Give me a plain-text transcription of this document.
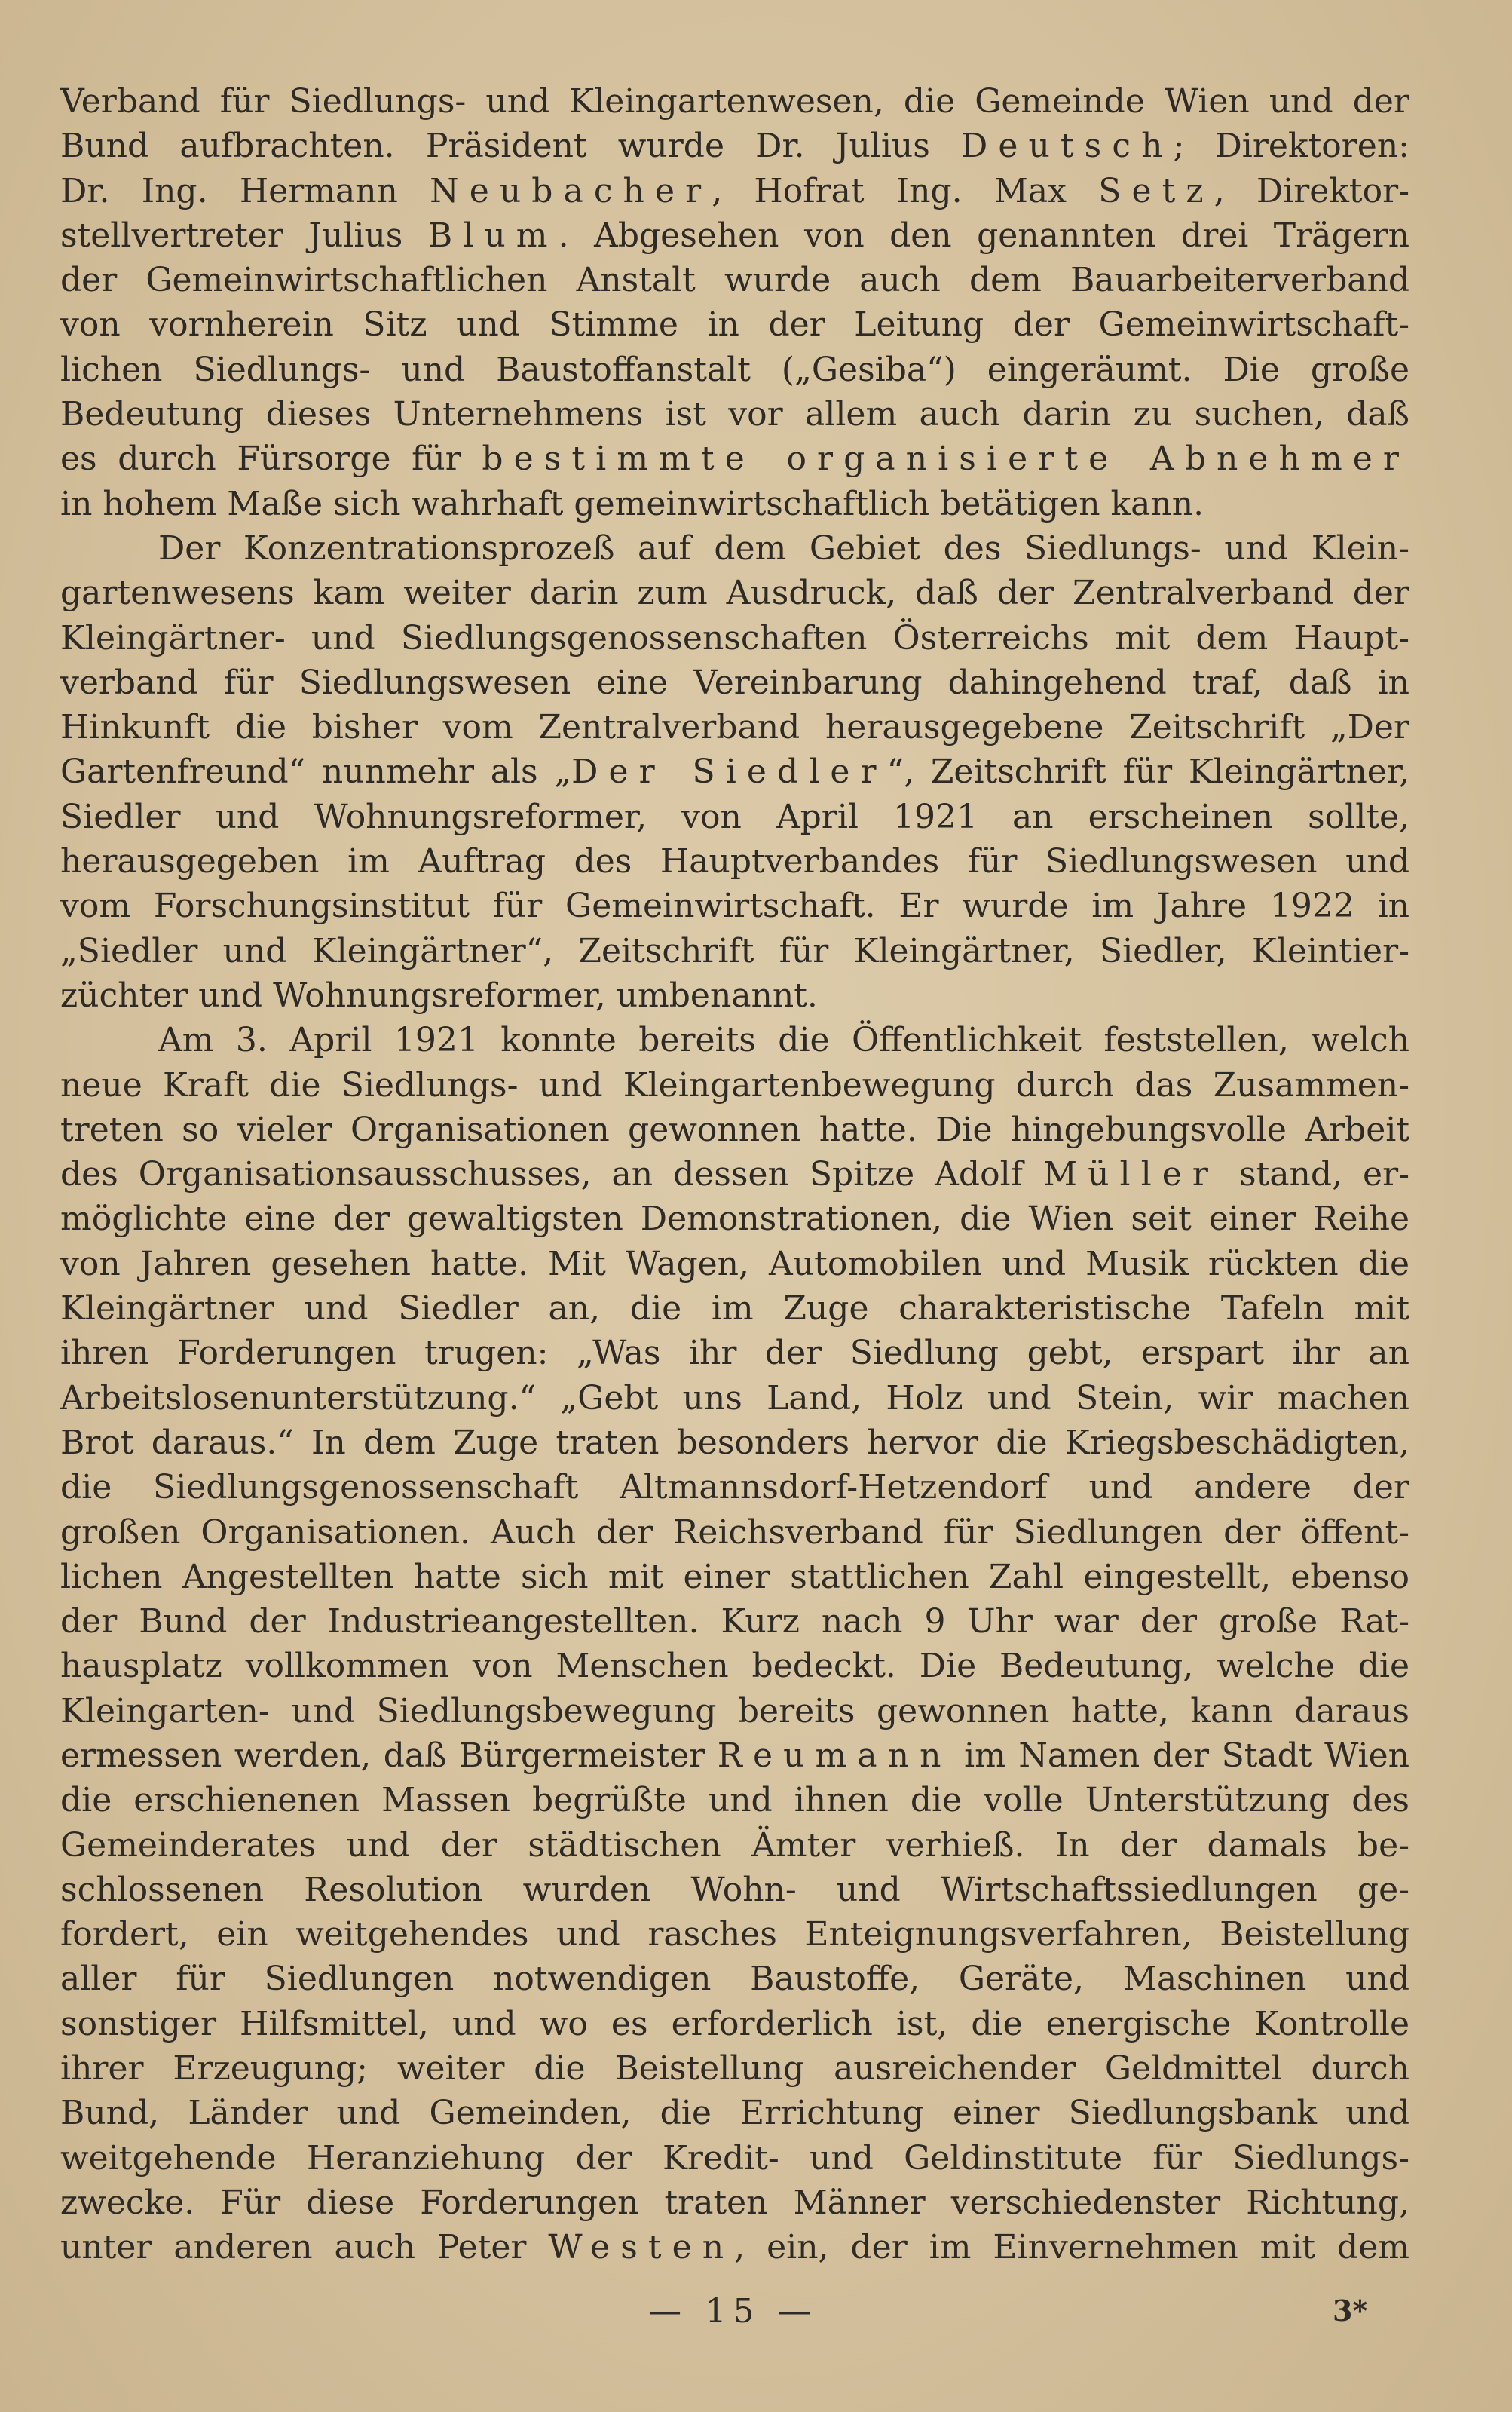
Verband für Siedlungs- und Kleingartenwesen, die Gemeinde Wien und der
Bund aufbrachten. Präsident wurde Dr. Julius Deutsch; Direktoren:
Dr. Ing. Hermann Neubacher, Hofrat Ing. Max Setz, Direktor-
stellvertreter Julius Blum. Abgesehen von den genannten drei Trägern
der Gemeinwirtschaftlichen Anstalt wurde auch dem Bauarbeiterverband
von vornherein Sitz und Stimme in der Leitung der Gemeinwirtschaft-
lichen Siedlungs- und Baustoffanstalt („Gesiba“) eingeräumt. Die große
Bedeutung dieses Unternehmens ist vor allem auch darin zu suchen, daß
es durch Fürsorge für bestimmte organisierte Abnehmer
in hohem Maße sich wahrhaft gemeinwirtschaftlich betätigen kann.
Der Konzentrationsprozeß auf dem Gebiet des Siedlungs- und Klein-
gartenwesens kam weiter darin zum Ausdruck, daß der Zentralverband der
Kleingärtner- und Siedlungsgenossenschaften Österreichs mit dem Haupt-
verband für Siedlungswesen eine Vereinbarung dahingehend traf, daß in
Hinkunft die bisher vom Zentralverband herausgegebene Zeitschrift „Der
Gartenfreund“ nunmehr als „Der Siedler“, Zeitschrift für Kleingärtner,
Siedler und Wohnungsreformer, von April 1921 an erscheinen sollte,
herausgegeben im Auftrag des Hauptverbandes für Siedlungswesen und
vom Forschungsinstitut für Gemeinwirtschaft. Er wurde im Jahre 1922 in
„Siedler und Kleingärtner“, Zeitschrift für Kleingärtner, Siedler, Kleintier-
züchter und Wohnungsreformer, umbenannt.
Am 3. April 1921 konnte bereits die Öffentlichkeit feststellen, welch
neue Kraft die Siedlungs- und Kleingartenbewegung durch das Zusammen-
treten so vieler Organisationen gewonnen hatte. Die hingebungsvolle Arbeit
des Organisationsausschusses, an dessen Spitze Adolf Müller stand, er-
möglichte eine der gewaltigsten Demonstrationen, die Wien seit einer Reihe
von Jahren gesehen hatte. Mit Wagen, Automobilen und Musik rückten die
Kleingärtner und Siedler an, die im Zuge charakteristische Tafeln mit
ihren Forderungen trugen: „Was ihr der Siedlung gebt, erspart ihr an
Arbeitslosenunterstützung.“ „Gebt uns Land, Holz und Stein, wir machen
Brot daraus.“ In dem Zuge traten besonders hervor die Kriegsbeschädigten,
die Siedlungsgenossenschaft Altmannsdorf-Hetzendorf und andere der
großen Organisationen. Auch der Reichsverband für Siedlungen der öffent-
lichen Angestellten hatte sich mit einer stattlichen Zahl eingestellt, ebenso
der Bund der Industrieangestellten. Kurz nach 9 Uhr war der große Rat-
hausplatz vollkommen von Menschen bedeckt. Die Bedeutung, welche die
Kleingarten- und Siedlungsbewegung bereits gewonnen hatte, kann daraus
ermessen werden, daß Bürgermeister Reumann im Namen der Stadt Wien
die erschienenen Massen begrüßte und ihnen die volle Unterstützung des
Gemeinderates und der städtischen Ämter verhieß. In der damals be-
schlossenen Resolution wurden Wohn- und Wirtschaftssiedlungen ge-
fordert, ein weitgehendes und rasches Enteignungsverfahren, Beistellung
aller für Siedlungen notwendigen Baustoffe, Geräte, Maschinen und
sonstiger Hilfsmittel, und wo es erforderlich ist, die energische Kontrolle
ihrer Erzeugung; weiter die Beistellung ausreichender Geldmittel durch
Bund, Länder und Gemeinden, die Errichtung einer Siedlungsbank und
weitgehende Heranziehung der Kredit- und Geldinstitute für Siedlungs-
zwecke. Für diese Forderungen traten Männer verschiedenster Richtung,
unter anderen auch Peter Westen, ein, der im Einvernehmen mit dem
— 15 —	3*
